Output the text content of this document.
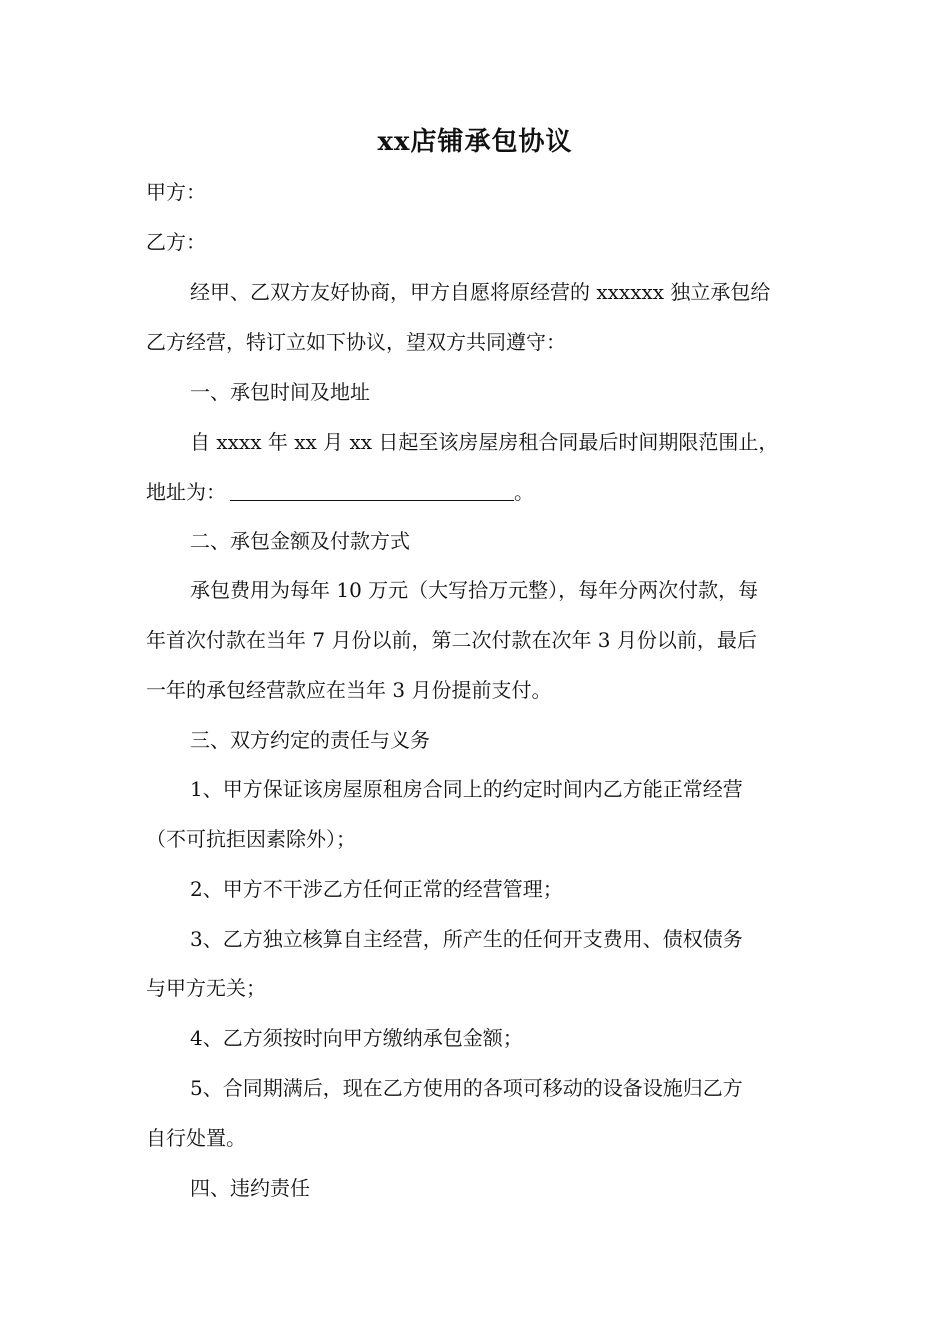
xx店铺承包协议
甲方：
乙方：
经甲、乙双方友好协商，甲方自愿将原经营的 xxxxxx 独立承包给
乙方经营，特订立如下协议，望双方共同遵守：
一、承包时间及地址
自 xxxx 年 xx 月 xx 日起至该房屋房租合同最后时间期限范围止，
地址为：	。
二、承包金额及付款方式
承包费用为每年 10 万元（大写拾万元整），每年分两次付款，每
年首次付款在当年 7 月份以前，第二次付款在次年 3 月份以前，最后
一年的承包经营款应在当年 3 月份提前支付。
三、双方约定的责任与义务
1、甲方保证该房屋原租房合同上的约定时间内乙方能正常经营
（不可抗拒因素除外）；
2、甲方不干涉乙方任何正常的经营管理；
3、乙方独立核算自主经营，所产生的任何开支费用、债权债务
与甲方无关；
4、乙方须按时向甲方缴纳承包金额；
5、合同期满后，现在乙方使用的各项可移动的设备设施归乙方
自行处置。
四、违约责任
